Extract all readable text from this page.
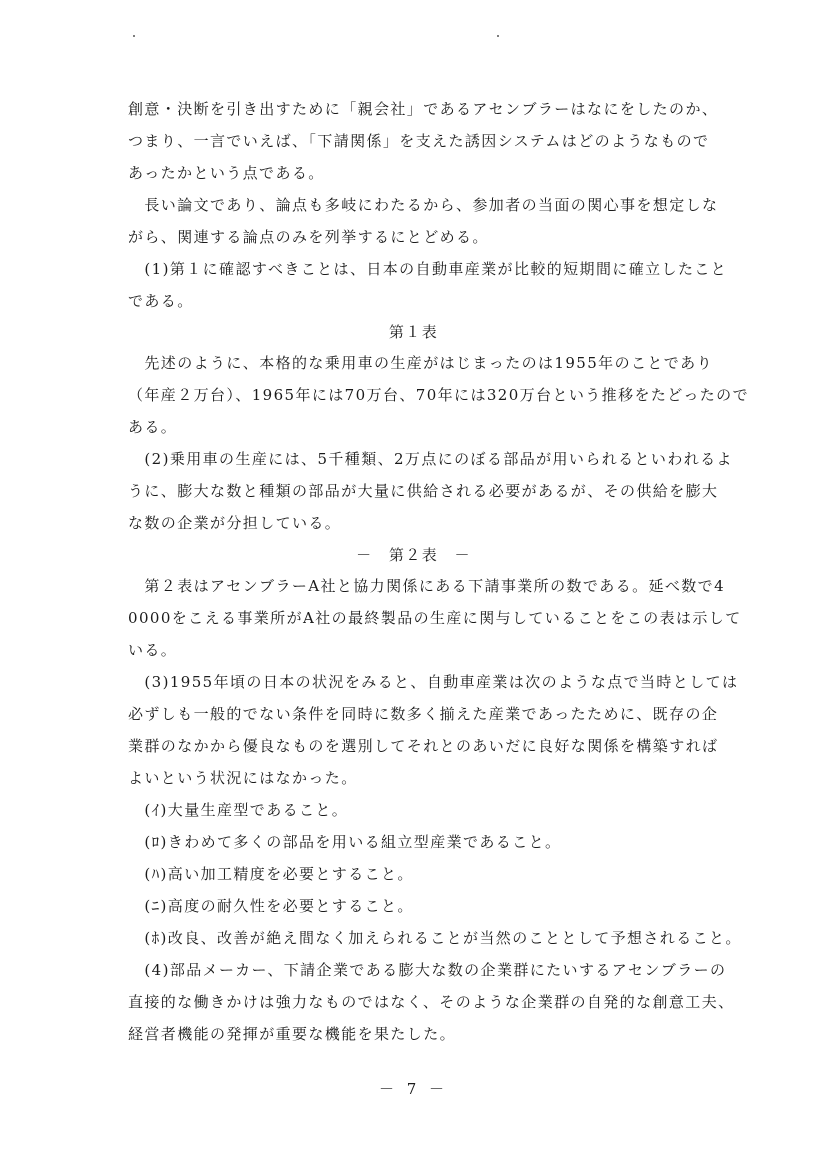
創意・決断を引き出すために「親会社」であるアセンブラーはなにをしたのか、
つまり、一言でいえば、「下請関係」を支えた誘因システムはどのようなもので
あったかという点である。
　長い論文であり、論点も多岐にわたるから、参加者の当面の関心事を想定しな
がら、関連する論点のみを列挙するにとどめる。
　(1)第１に確認すべきことは、日本の自動車産業が比較的短期間に確立したこと
である。
第１表
　先述のように、本格的な乗用車の生産がはじまったのは1955年のことであり
（年産２万台）、1965年には70万台、70年には320万台という推移をたどったので
ある。
　(2)乗用車の生産には、5千種類、2万点にのぼる部品が用いられるといわれるよ
うに、膨大な数と種類の部品が大量に供給される必要があるが、その供給を膨大
な数の企業が分担している。
－　第２表　－
　第２表はアセンブラーA社と協力関係にある下請事業所の数である。延べ数で4
0000をこえる事業所がA社の最終製品の生産に関与していることをこの表は示して
いる。
　(3)1955年頃の日本の状況をみると、自動車産業は次のような点で当時としては
必ずしも一般的でない条件を同時に数多く揃えた産業であったために、既存の企
業群のなかから優良なものを選別してそれとのあいだに良好な関係を構築すれば
よいという状況にはなかった。
　(ｲ)大量生産型であること。
　(ﾛ)きわめて多くの部品を用いる組立型産業であること。
　(ﾊ)高い加工精度を必要とすること。
　(ﾆ)高度の耐久性を必要とすること。
　(ﾎ)改良、改善が絶え間なく加えられることが当然のこととして予想されること。
　(4)部品メーカー、下請企業である膨大な数の企業群にたいするアセンブラーの
直接的な働きかけは強力なものではなく、そのような企業群の自発的な創意工夫、
経営者機能の発揮が重要な機能を果たした。
－ 7 －
